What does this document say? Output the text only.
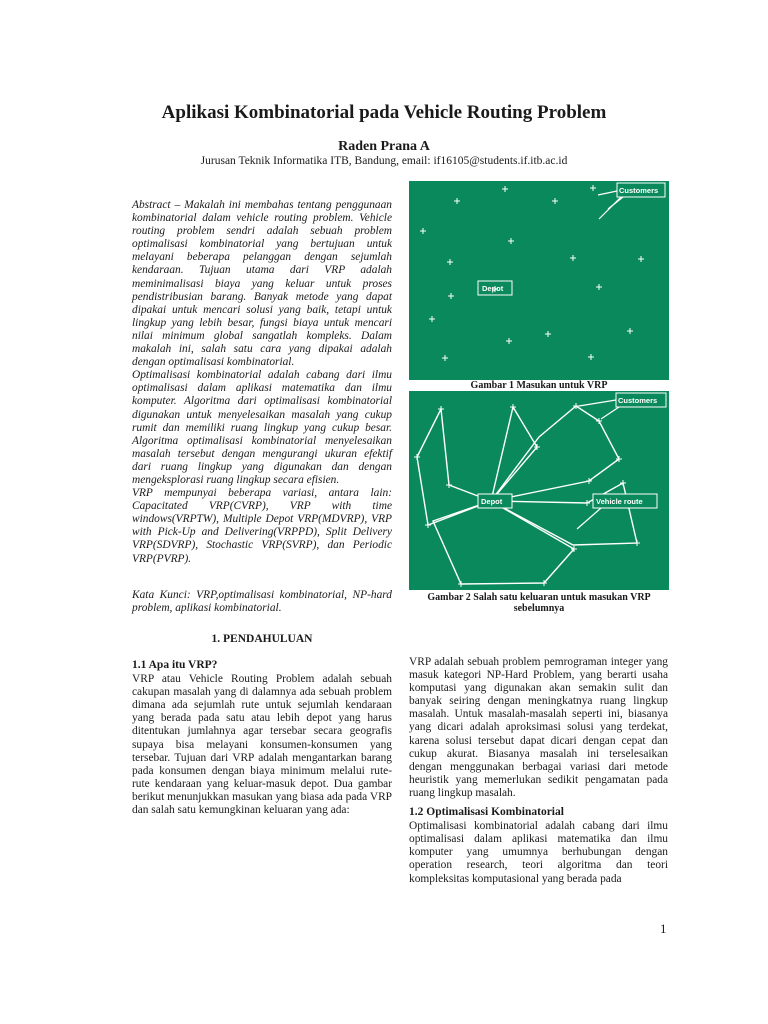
Aplikasi Kombinatorial pada Vehicle Routing Problem
Raden Prana A
Jurusan Teknik Informatika ITB, Bandung, email: if16105@students.if.itb.ac.id

Abstract – Makalah ini membahas tentang penggunaan kombinatorial dalam vehicle routing problem. Vehicle routing problem sendri adalah sebuah problem optimalisasi kombinatorial yang bertujuan untuk melayani beberapa pelanggan dengan sejumlah kendaraan. Tujuan utama dari VRP adalah meminimalisasi biaya yang keluar untuk proses pendistribusian barang. Banyak metode yang dapat dipakai untuk mencari solusi yang baik, tetapi untuk lingkup yang lebih besar, fungsi biaya untuk mencari nilai minimum global sangatlah kompleks. Dalam makalah ini, salah satu cara yang dipakai adalah dengan optimalisasi kombinatorial.

Optimalisasi kombinatorial adalah cabang dari ilmu optimalisasi dalam aplikasi matematika dan ilmu komputer. Algoritma dari optimalisasi kombinatorial digunakan untuk menyelesaikan masalah yang cukup rumit dan memiliki ruang lingkup yang cukup besar. Algoritma optimalisasi kombinatorial menyelesaikan masalah tersebut dengan mengurangi ukuran efektif dari ruang lingkup yang digunakan dan dengan mengeksplorasi ruang lingkup secara efisien.

VRP mempunyai beberapa variasi, antara lain: Capacitated VRP(CVRP), VRP with time windows(VRPTW), Multiple Depot VRP(MDVRP), VRP with Pick-Up and Delivering(VRPPD), Split Delivery VRP(SDVRP), Stochastic VRP(SVRP), dan Periodic VRP(PVRP).

Kata Kunci: VRP,optimalisasi kombinatorial, NP-hard problem, aplikasi kombinatorial.
1. PENDAHULUAN
1.1 Apa itu VRP?

VRP atau Vehicle Routing Problem adalah sebuah cakupan masalah yang di dalamnya ada sebuah problem dimana ada sejumlah rute untuk sejumlah kendaraan yang berada pada satu atau lebih depot yang harus ditentukan jumlahnya agar tersebar secara geografis supaya bisa melayani konsumen-konsumen yang tersebar. Tujuan dari VRP adalah mengantarkan barang pada konsumen dengan biaya minimum melalui rute-rute kendaraan yang keluar-masuk depot. Dua gambar berikut menunjukkan masukan yang biasa ada pada VRP dan salah satu kemungkinan keluaran yang ada:

Depot
Customers
Gambar 1 Masukan untuk VRP
Depot
Customers
Vehicle route
Gambar 2 Salah satu keluaran untuk masukan VRP sebelumnya

VRP adalah sebuah problem pemrograman integer yang masuk kategori NP-Hard Problem, yang berarti usaha komputasi yang digunakan akan semakin sulit dan banyak seiring dengan meningkatnya ruang lingkup masalah. Untuk masalah-masalah seperti ini, biasanya yang dicari adalah aproksimasi solusi yang terdekat, karena solusi tersebut dapat dicari dengan cepat dan cukup akurat. Biasanya masalah ini terselesaikan dengan menggunakan berbagai variasi dari metode heuristik yang memerlukan sedikit pengamatan pada ruang lingkup masalah.

1.2 Optimalisasi Kombinatorial

Optimalisasi kombinatorial adalah cabang dari ilmu optimalisasi dalam aplikasi matematika dan ilmu komputer yang umumnya berhubungan dengan operation research, teori algoritma dan teori kompleksitas komputasional yang berada pada

1
